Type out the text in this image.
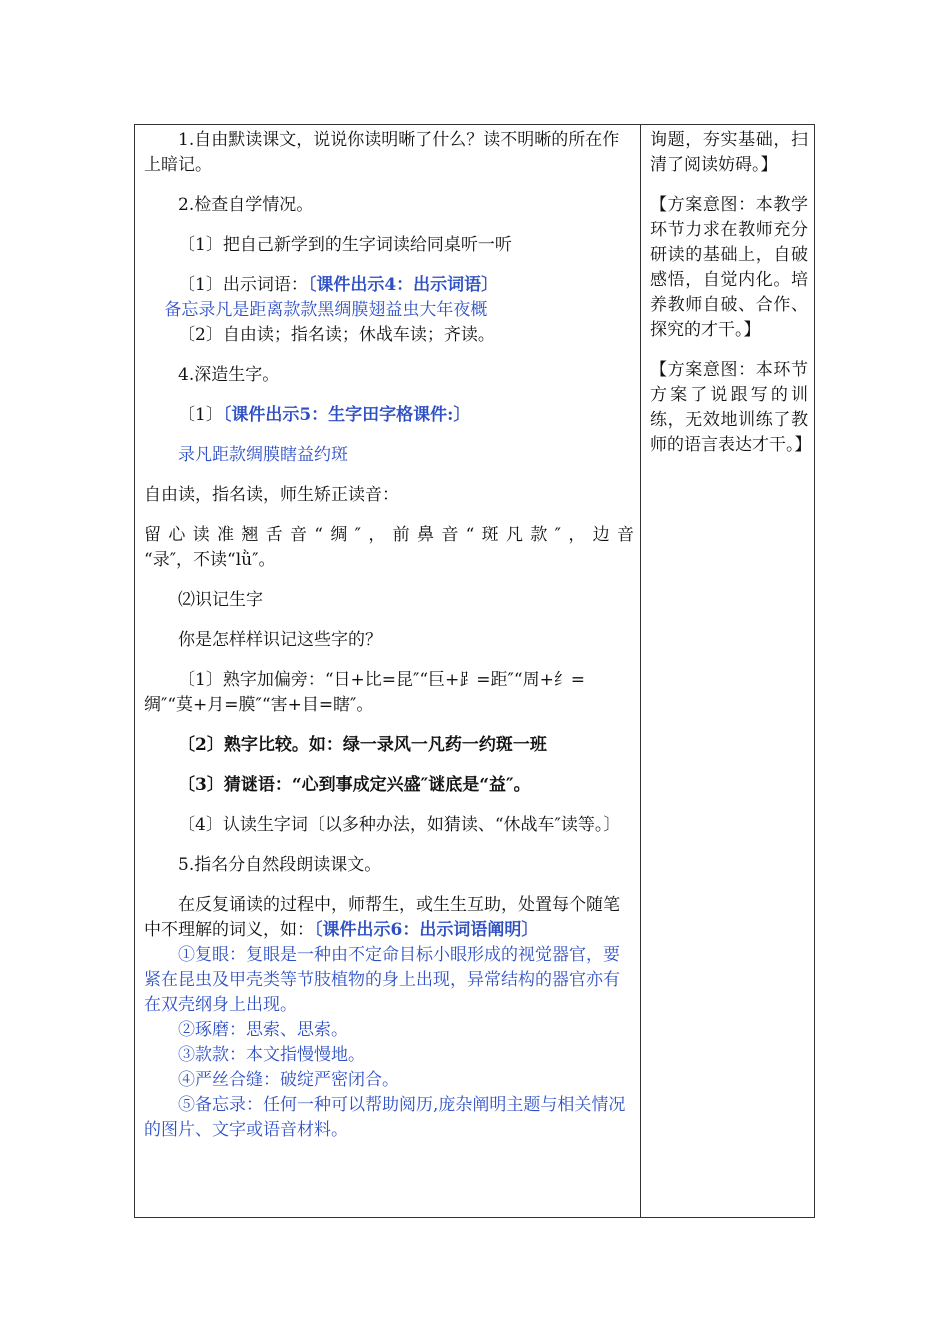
1.自由默读课文，说说你读明晰了什么？读不明晰的所在作上暗记。

2.检查自学情况。

〔1〕把自己新学到的生字词读给同桌听一听

〔1〕出示词语：〔课件出示4：出示词语〕

备忘录凡是距离款款黑绸膜翅益虫大年夜概

〔2〕自由读；指名读；休战车读；齐读。

4.深造生字。

〔1〕〔课件出示5：生字田字格课件:〕

录凡距款绸膜瞎益约斑

自由读，指名读，师生矫正读音：

留心读准翘舌音“绸″，前鼻音“斑凡款″，边音
“录″，不读“lǜ″。

⑵识记生字

你是怎样样识记这些字的？

〔1〕熟字加偏旁：“日+比=昆″“巨+⻊=距″“周+纟=绸″“莫+月=膜″“害+目=瞎″。

〔2〕熟字比较。如：绿一录风一凡药一约斑一班

〔3〕猜谜语：“心到事成定兴盛″谜底是“益″。

〔4〕认读生字词〔以多种办法，如猜读、“休战车″读等。〕

5.指名分自然段朗读课文。

在反复诵读的过程中，师帮生，或生生互助，处置每个随笔中不理解的词义，如：〔课件出示6：出示词语阐明〕

①复眼：复眼是一种由不定命目标小眼形成的视觉器官，要紧在昆虫及甲壳类等节肢植物的身上出现，异常结构的器官亦有在双壳纲身上出现。

②琢磨：思索、思索。

③款款：本文指慢慢地。

④严丝合缝：破绽严密闭合。

⑤备忘录：任何一种可以帮助阅历,庞杂阐明主题与相关情况的图片、文字或语音材料。

询题，夯实基础，扫清了阅读妨碍。】

【方案意图：本教学环节力求在教师充分研读的基础上，自破感悟，自觉内化。培养教师自破、合作、探究的才干。】

【方案意图：本环节方案了说跟写的训练，无效地训练了教师的语言表达才干。】
